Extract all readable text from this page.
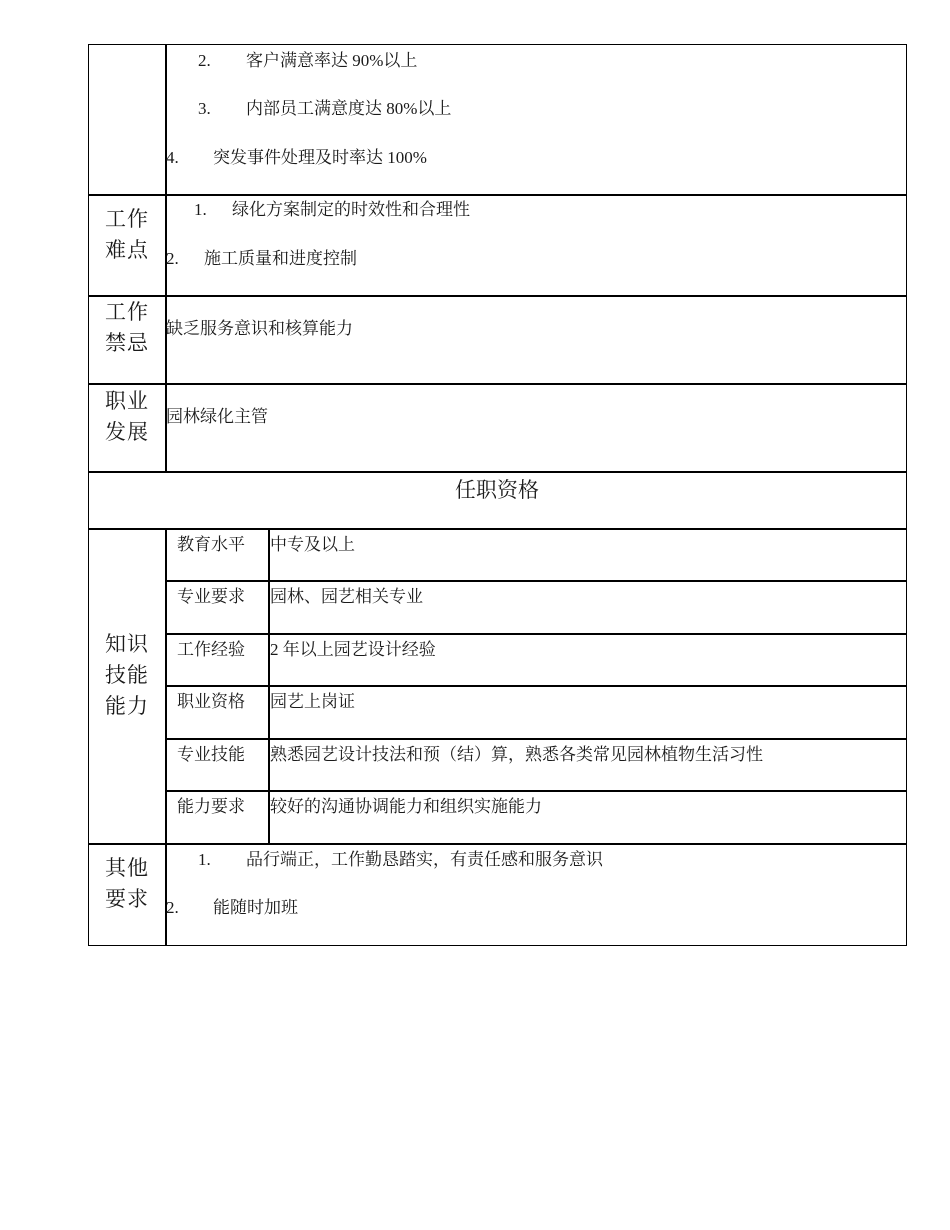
2. 客户满意率达 90%以上
3. 内部员工满意度达 80%以上
4. 突发事件处理及时率达 100%
工作
难点
1. 绿化方案制定的时效性和合理性
2. 施工质量和进度控制
工作
禁忌
缺乏服务意识和核算能力
职业
发展
园林绿化主管
任职资格
知识
技能
能力
教育水平 中专及以上
专业要求 园林、园艺相关专业
工作经验 2 年以上园艺设计经验
职业资格 园艺上岗证
专业技能 熟悉园艺设计技法和预（结）算，熟悉各类常见园林植物生活习性
能力要求 较好的沟通协调能力和组织实施能力
其他
要求
1. 品行端正，工作勤恳踏实，有责任感和服务意识
2. 能随时加班
